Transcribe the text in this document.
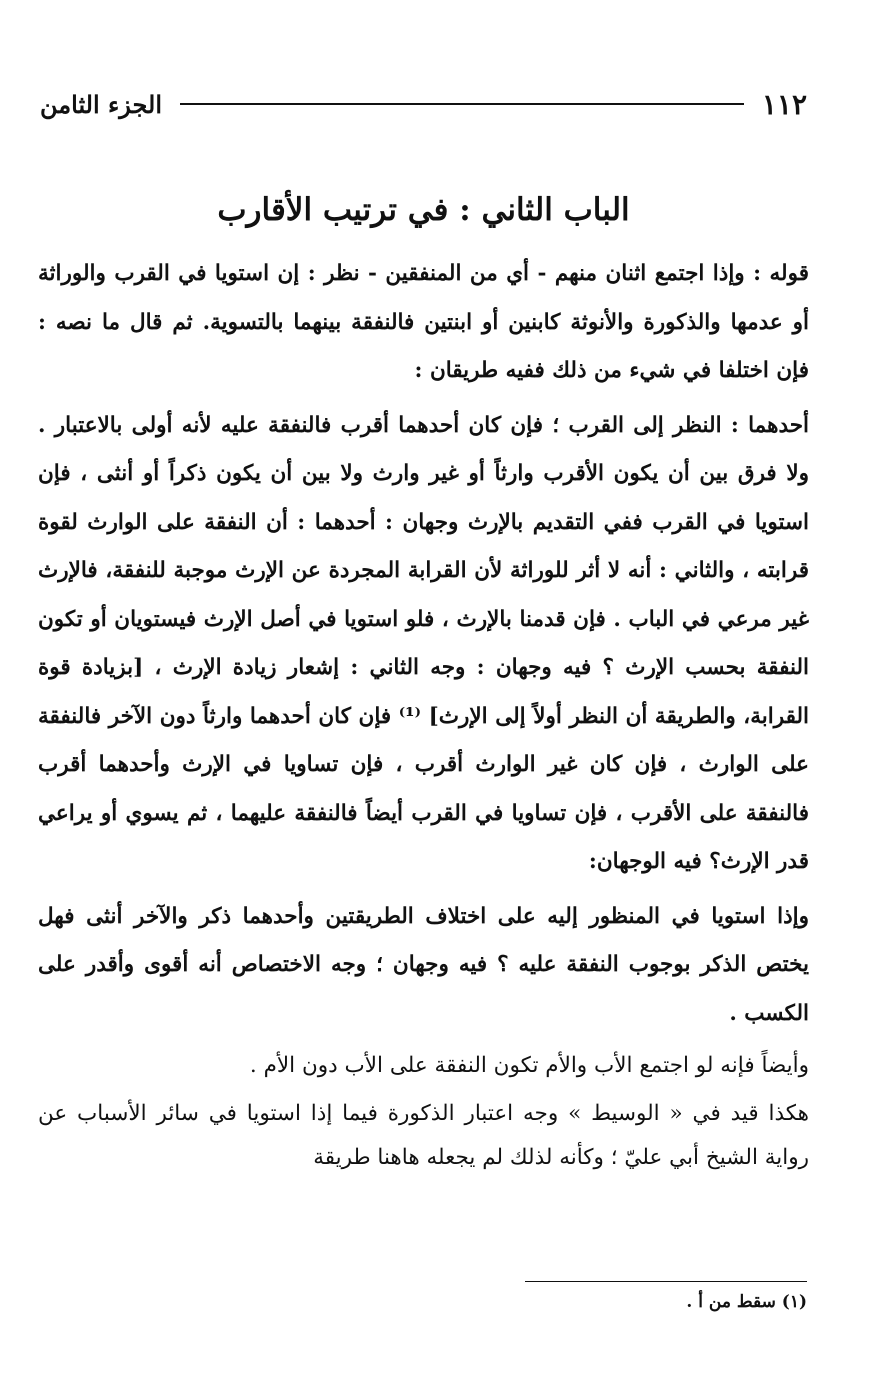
١١٢
الجزء الثامن
الباب الثاني : في ترتيب الأقارب

قوله : وإذا اجتمع اثنان منهم - أي من المنفقين - نظر : إن استويا في القرب والوراثة أو عدمها والذكورة والأنوثة كابنين أو ابنتين فالنفقة بينهما بالتسوية. ثم قال ما نصه : فإن اختلفا في شيء من ذلك ففيه طريقان :

أحدهما : النظر إلى القرب ؛ فإن كان أحدهما أقرب فالنفقة عليه لأنه أولى بالاعتبار . ولا فرق بين أن يكون الأقرب وارثاً أو غير وارث ولا بين أن يكون ذكراً أو أنثى ، فإن استويا في القرب ففي التقديم بالإرث وجهان : أحدهما : أن النفقة على الوارث لقوة قرابته ، والثاني : أنه لا أثر للوراثة لأن القرابة المجردة عن الإرث موجبة للنفقة، فالإرث غير مرعي في الباب . فإن قدمنا بالإرث ، فلو استويا في أصل الإرث فيستويان أو تكون النفقة بحسب الإرث ؟ فيه وجهان : وجه الثاني : إشعار زيادة الإرث ، [بزيادة قوة القرابة، والطريقة أن النظر أولاً إلى الإرث] ⁽¹⁾ فإن كان أحدهما وارثاً دون الآخر فالنفقة على الوارث ، فإن كان غير الوارث أقرب ، فإن تساويا في الإرث وأحدهما أقرب فالنفقة على الأقرب ، فإن تساويا في القرب أيضاً فالنفقة عليهما ، ثم يسوي أو يراعي قدر الإرث؟ فيه الوجهان:

وإذا استويا في المنظور إليه على اختلاف الطريقتين وأحدهما ذكر والآخر أنثى فهل يختص الذكر بوجوب النفقة عليه ؟ فيه وجهان ؛ وجه الاختصاص أنه أقوى وأقدر على الكسب .

وأيضاً فإنه لو اجتمع الأب والأم تكون النفقة على الأب دون الأم .

هكذا قيد في « الوسيط » وجه اعتبار الذكورة فيما إذا استويا في سائر الأسباب عن رواية الشيخ أبي عليّ ؛ وكأنه لذلك لم يجعله هاهنا طريقة

(١) سقط من أ .
